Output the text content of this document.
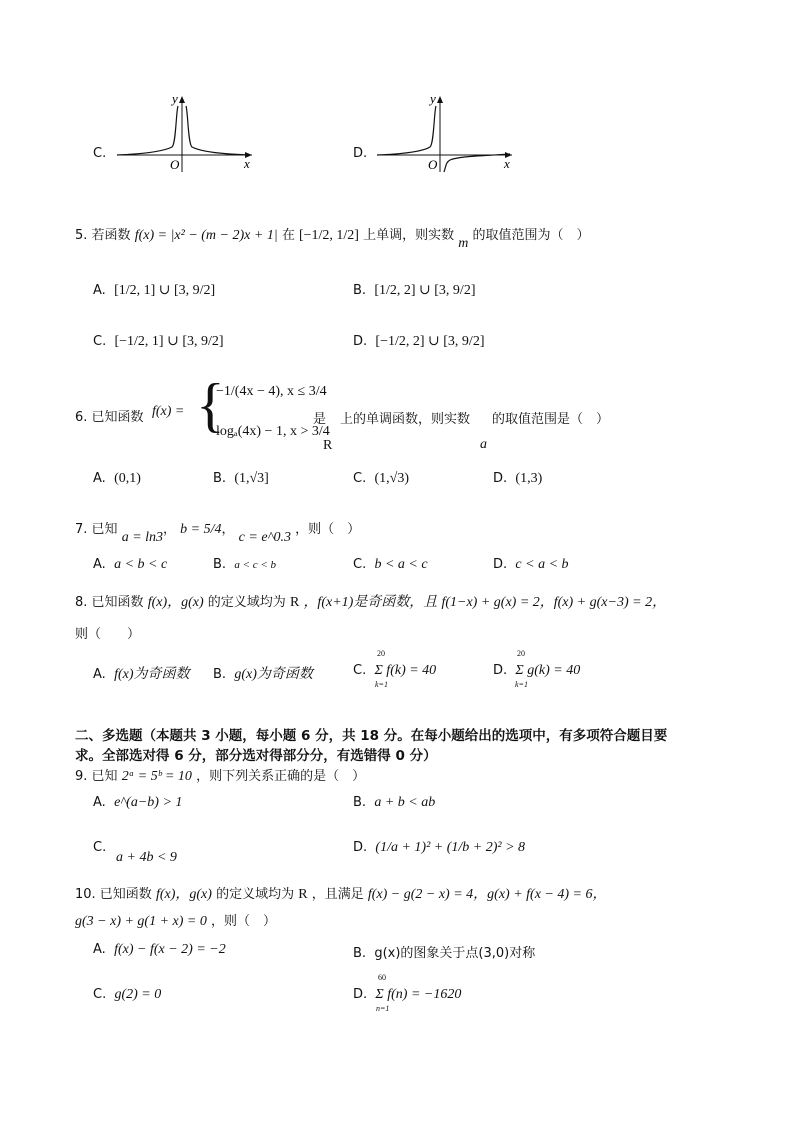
C.
y
O	x
D.
y
O	x
5. 若函数 f(x) = |x² − (m − 2)x + 1| 在 [−1/2, 1/2] 上单调，则实数 m 的取值范围为（　）
A. [1/2, 1] ∪ [3, 9/2]	B. [1/2, 2] ∪ [3, 9/2]
C. [−1/2, 1] ∪ [3, 9/2]	D. [−1/2, 2] ∪ [3, 9/2]
6. 已知函数 f(x) = {
−1/(4x − 4), x ≤ 3/4
logₐ(4x) − 1, x > 3/4
是
R
上的单调函数，则实数
a
的取值范围是（　）
A. (0,1)	B. (1,√3]	C. (1,√3)	D. (1,3)
7. 已知 a = ln3， b = 5/4， c = e^0.3 ，则（　）
A. a < b < c	B. a < c < b	C. b < a < c	D. c < a < b
8. 已知函数 f(x)，g(x) 的定义域均为 R ，f(x+1)是奇函数，且 f(1−x) + g(x) = 2，f(x) + g(x−3) = 2，
则（　　）
A. f(x)为奇函数 B. g(x)为奇函数	C. Σ f(k) = 40
20
k=1
D. Σ g(k) = 40
20
k=1
二、多选题（本题共 3 小题，每小题 6 分，共 18 分。在每小题给出的选项中，有多项符合题目要
求。全部选对得 6 分，部分选对得部分分，有选错得 0 分）
9. 已知 2ᵃ = 5ᵇ = 10 ，则下列关系正确的是（　）
A. e^(a−b) > 1	B. a + b < ab
C.
a + 4b < 9
D. (1/a + 1)² + (1/b + 2)² > 8
10. 已知函数 f(x)，g(x) 的定义域均为 R ，且满足 f(x) − g(2 − x) = 4，g(x) + f(x − 4) = 6，
g(3 − x) + g(1 + x) = 0 ，则（　）
A. f(x) − f(x − 2) = −2	B. g(x)的图象关于点(3,0)对称
C. g(2) = 0	D. Σ f(n) = −1620
60
n=1
